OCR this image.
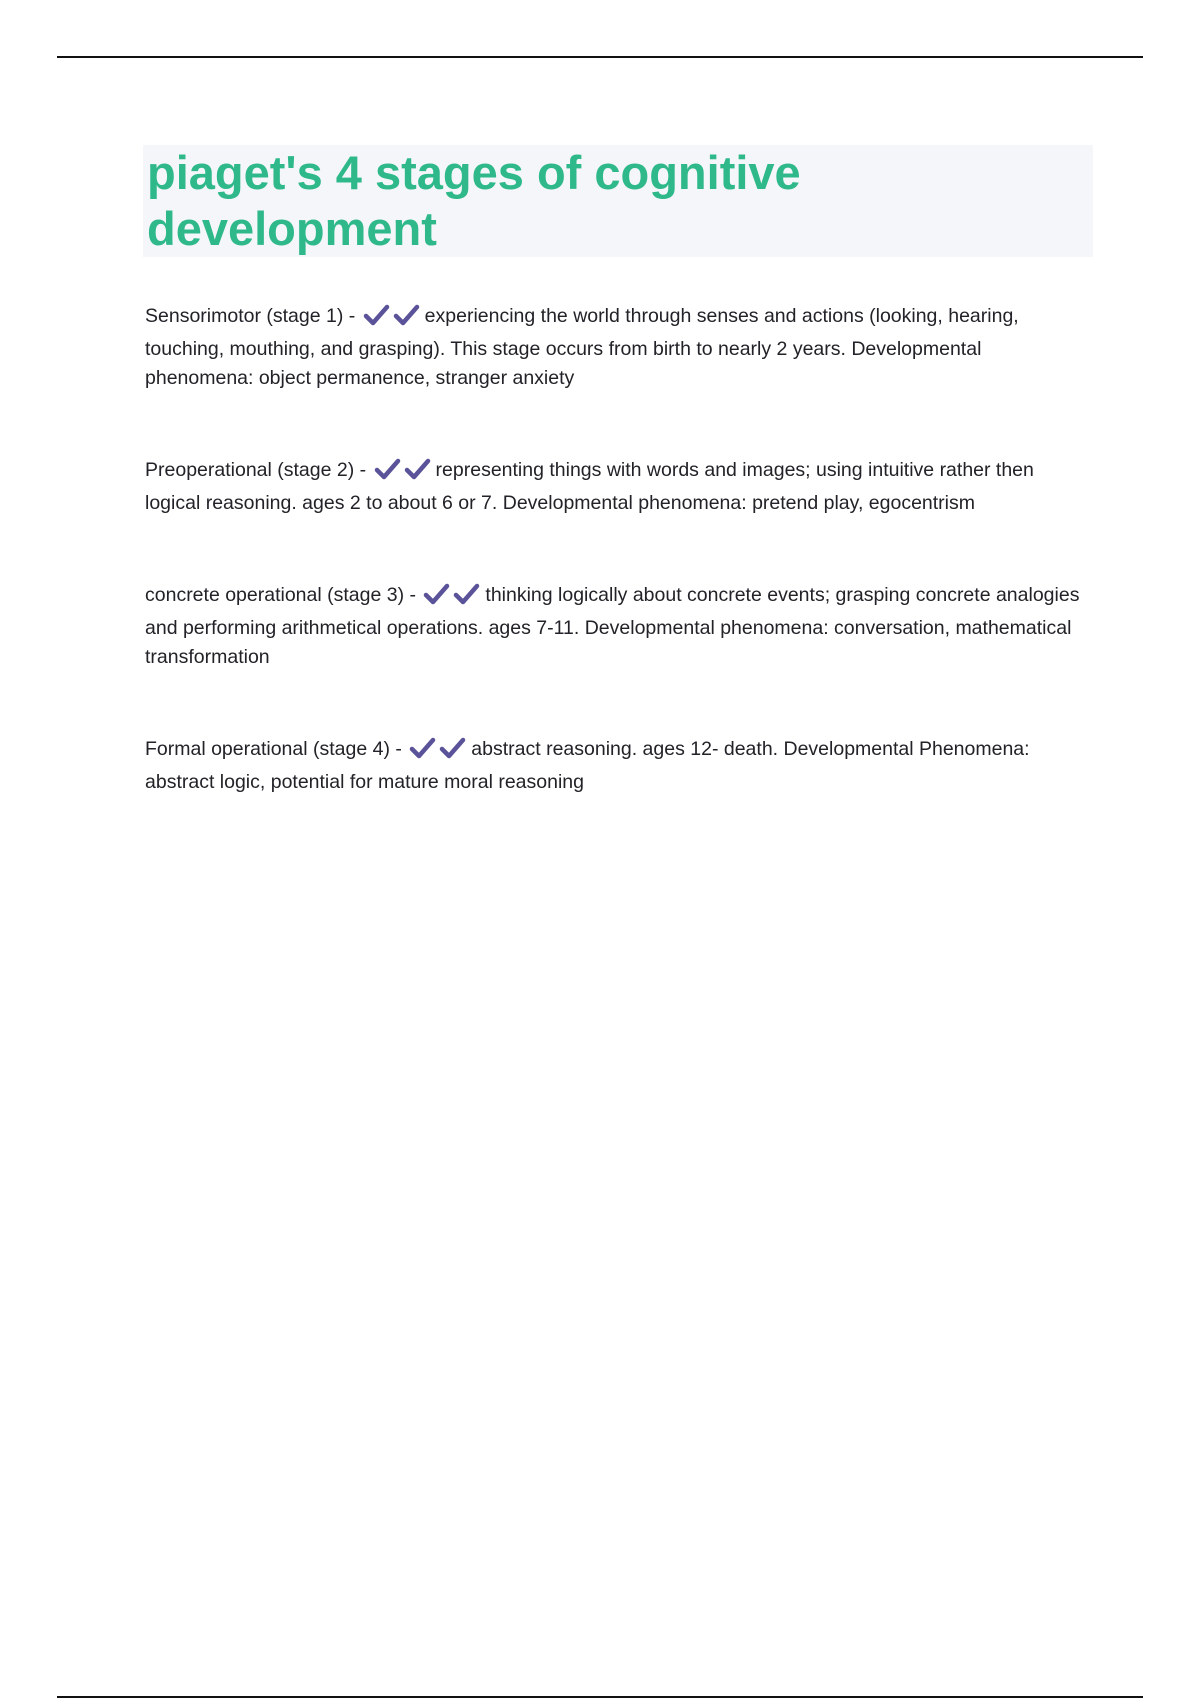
piaget's 4 stages of cognitive development

Sensorimotor (stage 1) -	experiencing the world through senses and actions (looking, hearing, touching, mouthing, and grasping). This stage occurs from birth to nearly 2 years. Developmental phenomena: object permanence, stranger anxiety

Preoperational (stage 2) -	representing things with words and images; using intuitive rather then logical reasoning. ages 2 to about 6 or 7. Developmental phenomena: pretend play, egocentrism

concrete operational (stage 3) -	thinking logically about concrete events; grasping concrete analogies and performing arithmetical operations. ages 7-11. Developmental phenomena: conversation, mathematical transformation

Formal operational (stage 4) -	abstract reasoning. ages 12- death. Developmental Phenomena: abstract logic, potential for mature moral reasoning
